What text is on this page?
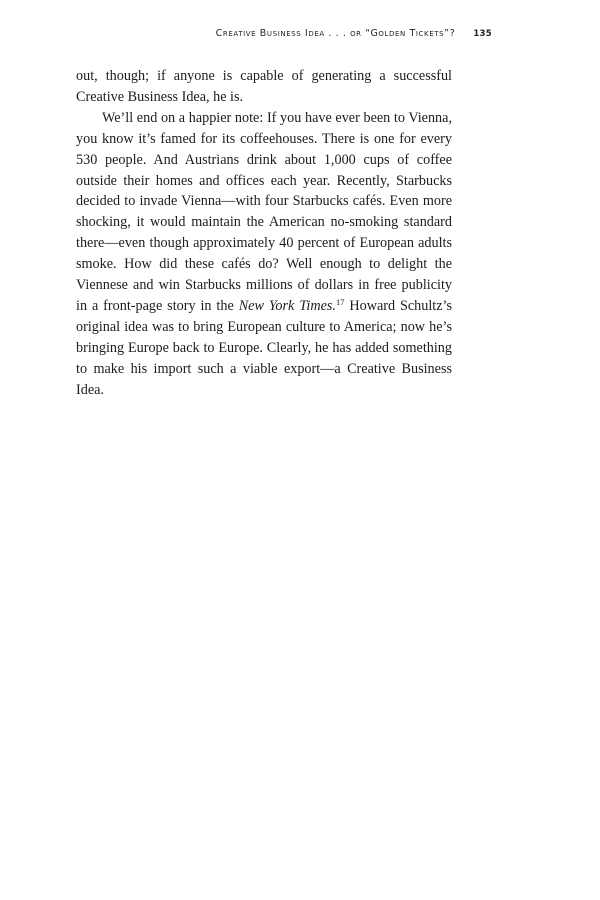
Creative Business Idea . . . or “Golden Tickets”? 135

out, though; if anyone is capable of generating a successful Creative Business Idea, he is.

We’ll end on a happier note: If you have ever been to Vienna, you know it’s famed for its coffeehouses. There is one for every 530 people. And Austrians drink about 1,000 cups of coffee outside their homes and offices each year. Recently, Starbucks decided to invade Vienna—with four Starbucks cafés. Even more shocking, it would maintain the American no-smoking standard there—even though approximately 40 percent of European adults smoke. How did these cafés do? Well enough to delight the Viennese and win Starbucks millions of dollars in free publicity in a front-page story in the New York Times.$^{17}$ Howard Schultz’s original idea was to bring European culture to America; now he’s bringing Europe back to Europe. Clearly, he has added something to make his import such a viable export—a Creative Business Idea.
